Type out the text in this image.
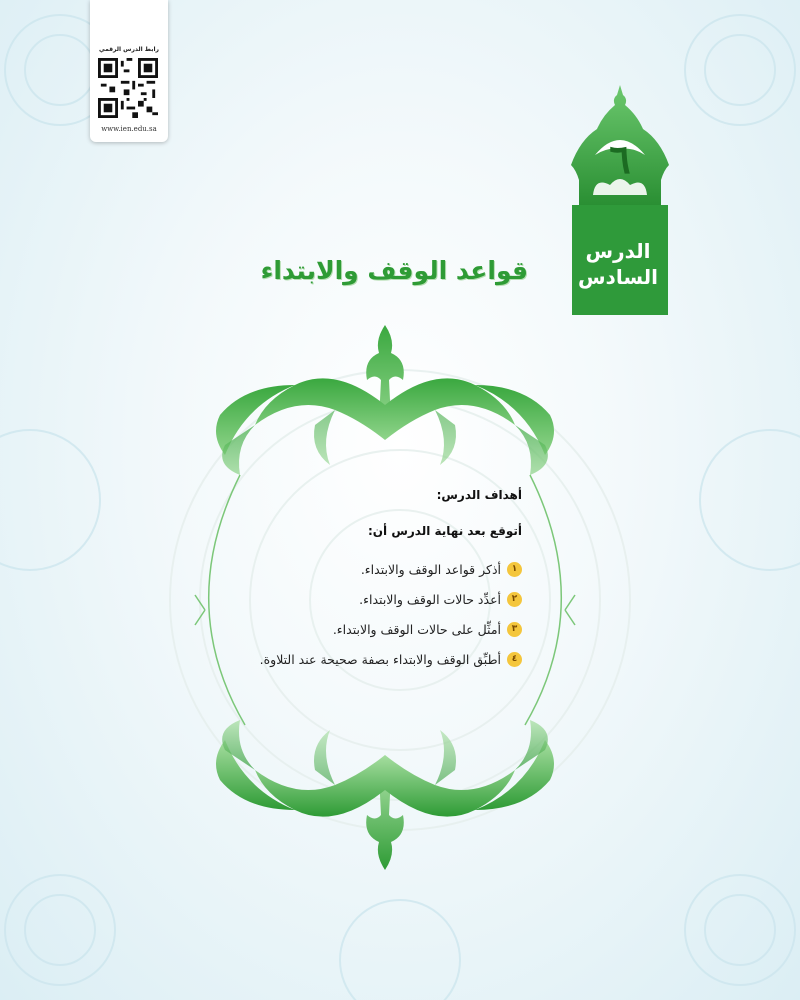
رابط الدرس الرقمي
www.ien.edu.sa
٦
الدرس
السادس
قواعد الوقف والابتداء
أهداف الدرس:
أتوقع بعد نهاية الدرس أن:
١
أذكر قواعد الوقف والابتداء.
٢
أعدِّد حالات الوقف والابتداء.
٣
أمثِّل على حالات الوقف والابتداء.
٤
أطبِّق الوقف والابتداء بصفة صحيحة عند التلاوة.
